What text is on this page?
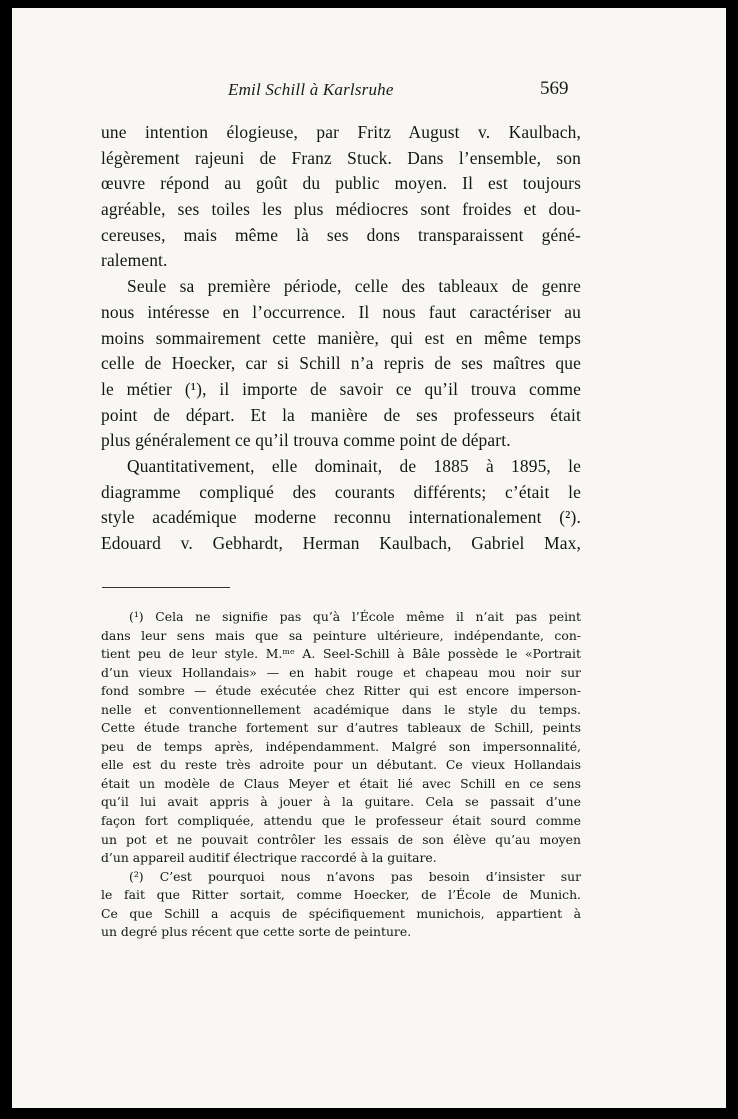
Emil Schill à Karlsruhe	569
une intention élogieuse, par Fritz August v. Kaulbach,
légèrement rajeuni de Franz Stuck. Dans l’ensemble, son
œuvre répond au goût du public moyen. Il est toujours
agréable, ses toiles les plus médiocres sont froides et dou-
cereuses, mais même là ses dons transparaissent géné-
ralement.
Seule sa première période, celle des tableaux de genre
nous intéresse en l’occurrence. Il nous faut caractériser au
moins sommairement cette manière, qui est en même temps
celle de Hoecker, car si Schill n’a repris de ses maîtres que
le métier (¹), il importe de savoir ce qu’il trouva comme
point de départ. Et la manière de ses professeurs était
plus généralement ce qu’il trouva comme point de départ.
Quantitativement, elle dominait, de 1885 à 1895, le
diagramme compliqué des courants différents; c’était le
style académique moderne reconnu internationalement (²).
Edouard v. Gebhardt, Herman Kaulbach, Gabriel Max,
(¹) Cela ne signifie pas qu’à l’École même il n’ait pas peint
dans leur sens mais que sa peinture ultérieure, indépendante, con-
tient peu de leur style. M.ᵐᵉ A. Seel-Schill à Bâle possède le «Portrait
d’un vieux Hollandais» — en habit rouge et chapeau mou noir sur
fond sombre — étude exécutée chez Ritter qui est encore imperson-
nelle et conventionnellement académique dans le style du temps.
Cette étude tranche fortement sur d’autres tableaux de Schill, peints
peu de temps après, indépendamment. Malgré son impersonnalité,
elle est du reste très adroite pour un débutant. Ce vieux Hollandais
était un modèle de Claus Meyer et était lié avec Schill en ce sens
qu’il lui avait appris à jouer à la guitare. Cela se passait d’une
façon fort compliquée, attendu que le professeur était sourd comme
un pot et ne pouvait contrôler les essais de son élève qu’au moyen
d’un appareil auditif électrique raccordé à la guitare.
(²) C’est pourquoi nous n’avons pas besoin d’insister sur
le fait que Ritter sortait, comme Hoecker, de l’École de Munich.
Ce que Schill a acquis de spécifiquement munichois, appartient à
un degré plus récent que cette sorte de peinture.
